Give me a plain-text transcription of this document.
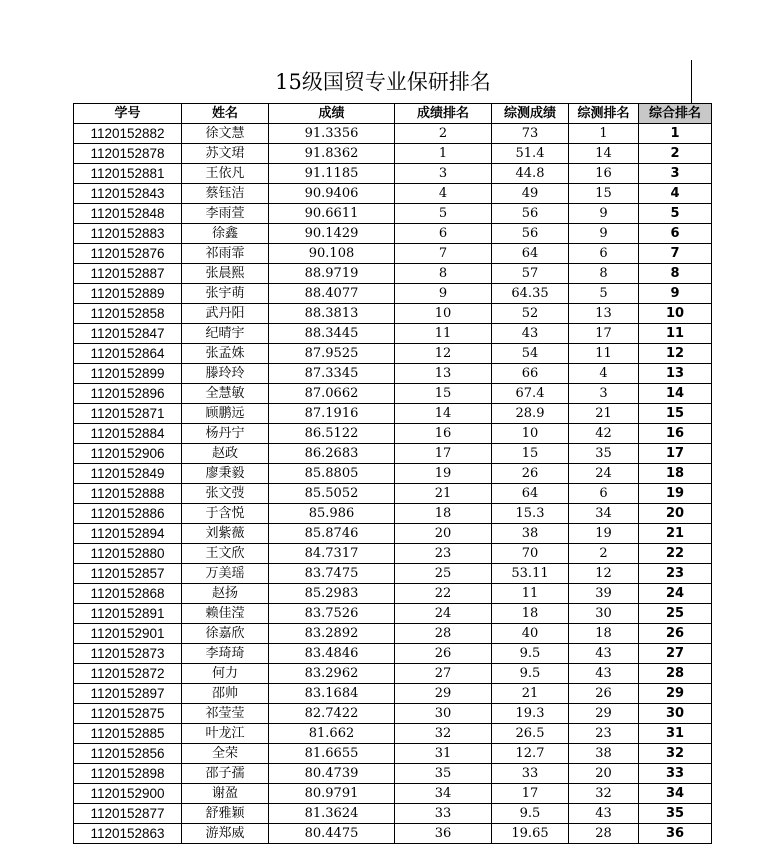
15级国贸专业保研排名
学号	姓名	成绩	成绩排名	综测成绩	综测排名	综合排名
1120152882	徐文慧	91.3356	2	73	1	1
1120152878	苏文珺	91.8362	1	51.4	14	2
1120152881	王依凡	91.1185	3	44.8	16	3
1120152843	蔡钰洁	90.9406	4	49	15	4
1120152848	李雨萱	90.6611	5	56	9	5
1120152883	徐鑫	90.1429	6	56	9	6
1120152876	祁雨霏	90.108	7	64	6	7
1120152887	张晨熙	88.9719	8	57	8	8
1120152889	张宇萌	88.4077	9	64.35	5	9
1120152858	武丹阳	88.3813	10	52	13	10
1120152847	纪晴宇	88.3445	11	43	17	11
1120152864	张孟姝	87.9525	12	54	11	12
1120152899	滕玲玲	87.3345	13	66	4	13
1120152896	全慧敏	87.0662	15	67.4	3	14
1120152871	顾鹏远	87.1916	14	28.9	21	15
1120152884	杨丹宁	86.5122	16	10	42	16
1120152906	赵政	86.2683	17	15	35	17
1120152849	廖秉毅	85.8805	19	26	24	18
1120152888	张文弢	85.5052	21	64	6	19
1120152886	于含悦	85.986	18	15.3	34	20
1120152894	刘紫薇	85.8746	20	38	19	21
1120152880	王文欣	84.7317	23	70	2	22
1120152857	万美瑶	83.7475	25	53.11	12	23
1120152868	赵扬	85.2983	22	11	39	24
1120152891	赖佳滢	83.7526	24	18	30	25
1120152901	徐嘉欣	83.2892	28	40	18	26
1120152873	李琦琦	83.4846	26	9.5	43	27
1120152872	何力	83.2962	27	9.5	43	28
1120152897	邵帅	83.1684	29	21	26	29
1120152875	祁莹莹	82.7422	30	19.3	29	30
1120152885	叶龙江	81.662	32	26.5	23	31
1120152856	全荣	81.6655	31	12.7	38	32
1120152898	邵子孺	80.4739	35	33	20	33
1120152900	谢盈	80.9791	34	17	32	34
1120152877	舒雅颖	81.3624	33	9.5	43	35
1120152863	游郑威	80.4475	36	19.65	28	36
